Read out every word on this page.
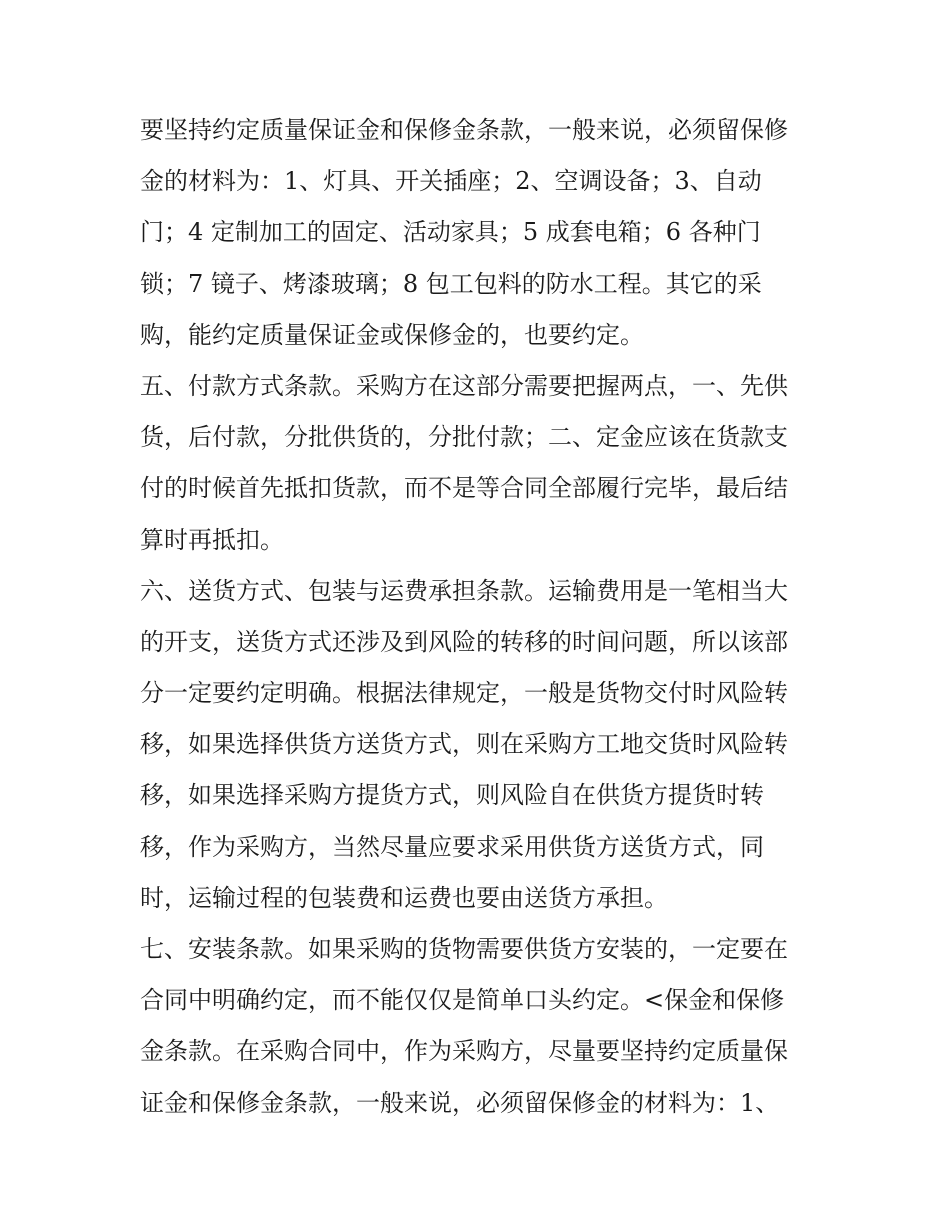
要坚持约定质量保证金和保修金条款，一般来说，必须留保修
金的材料为：1、灯具、开关插座；2、空调设备；3、自动
门；4 定制加工的固定、活动家具；5 成套电箱；6 各种门
锁；7 镜子、烤漆玻璃；8 包工包料的防水工程。其它的采
购，能约定质量保证金或保修金的，也要约定。
五、付款方式条款。采购方在这部分需要把握两点，一、先供
货，后付款，分批供货的，分批付款；二、定金应该在货款支
付的时候首先抵扣货款，而不是等合同全部履行完毕，最后结
算时再抵扣。
六、送货方式、包装与运费承担条款。运输费用是一笔相当大
的开支，送货方式还涉及到风险的转移的时间问题，所以该部
分一定要约定明确。根据法律规定，一般是货物交付时风险转
移，如果选择供货方送货方式，则在采购方工地交货时风险转
移，如果选择采购方提货方式，则风险自在供货方提货时转
移，作为采购方，当然尽量应要求采用供货方送货方式，同
时，运输过程的包装费和运费也要由送货方承担。
七、安装条款。如果采购的货物需要供货方安装的，一定要在
合同中明确约定，而不能仅仅是简单口头约定。<保金和保修
金条款。在采购合同中，作为采购方，尽量要坚持约定质量保
证金和保修金条款，一般来说，必须留保修金的材料为：1、
